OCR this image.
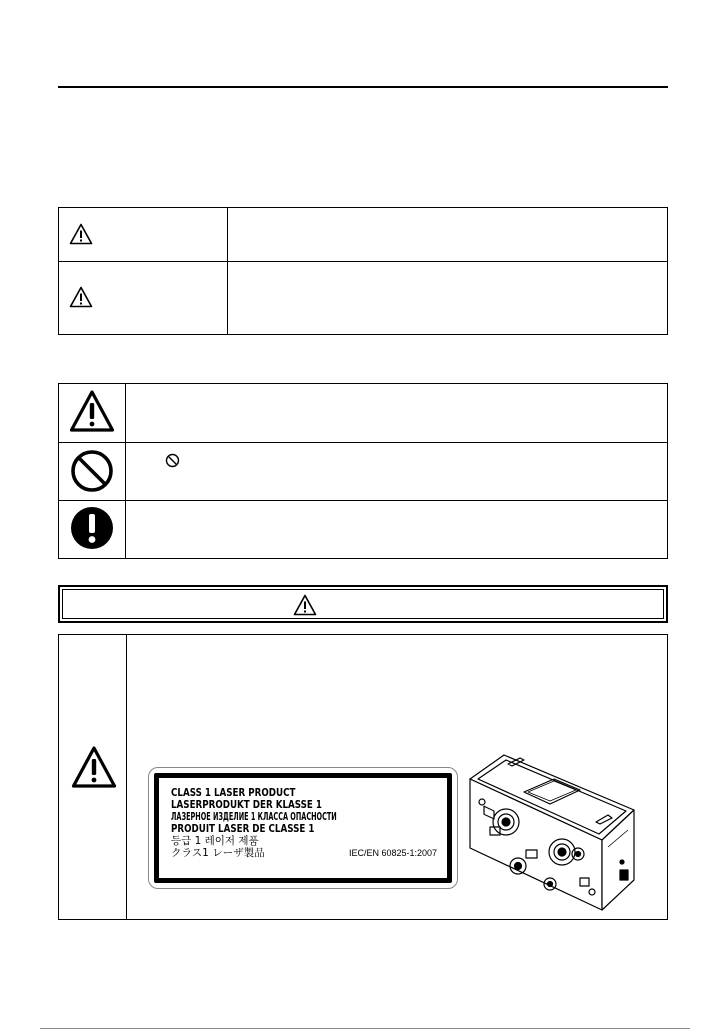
CLASS 1 LASER PRODUCT
LASERPRODUKT DER KLASSE 1
ЛАЗЕРНОЕ ИЗДЕЛИЕ 1 КЛАССА ОПАСНОСТИ
PRODUIT LASER DE CLASSE 1
등급 1 레이저 제품
クラス1 レーザ製品	IEC/EN 60825-1:2007
